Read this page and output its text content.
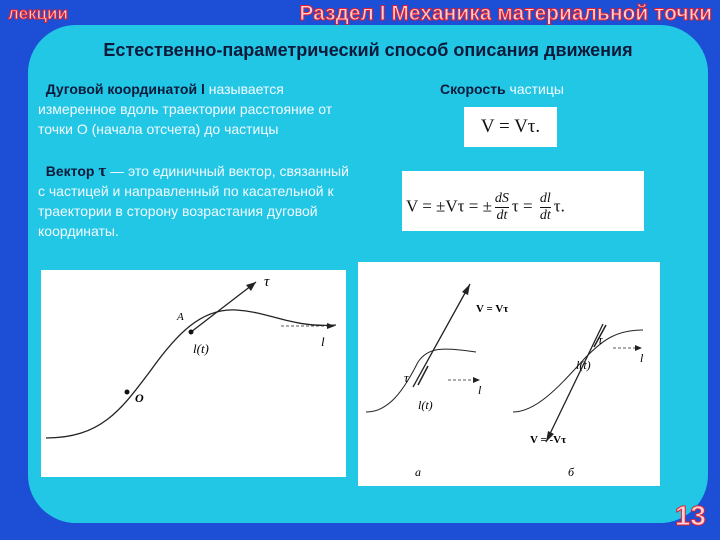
лекции	Раздел I Механика материальной точки
Естественно-параметрический способ описания движения
Дуговой координатой l называется измеренное вдоль траектории расстояние от точки О (начала отсчета) до частицы
Вектор τ — это единичный вектор, связанный с частицей и направленный по касательной к траектории в сторону возрастания дуговой координаты.
Скорость частицы
V = Vτ.
V = ±Vτ = ± $\frac{dS}{dt}$ $\tau = \frac{dl}{dt} \tau$.
τ
A
l(t)	l
O
V = Vτ
τ
l
l(t)
τ
l
l(t)
V = -Vτ
а	б
13
